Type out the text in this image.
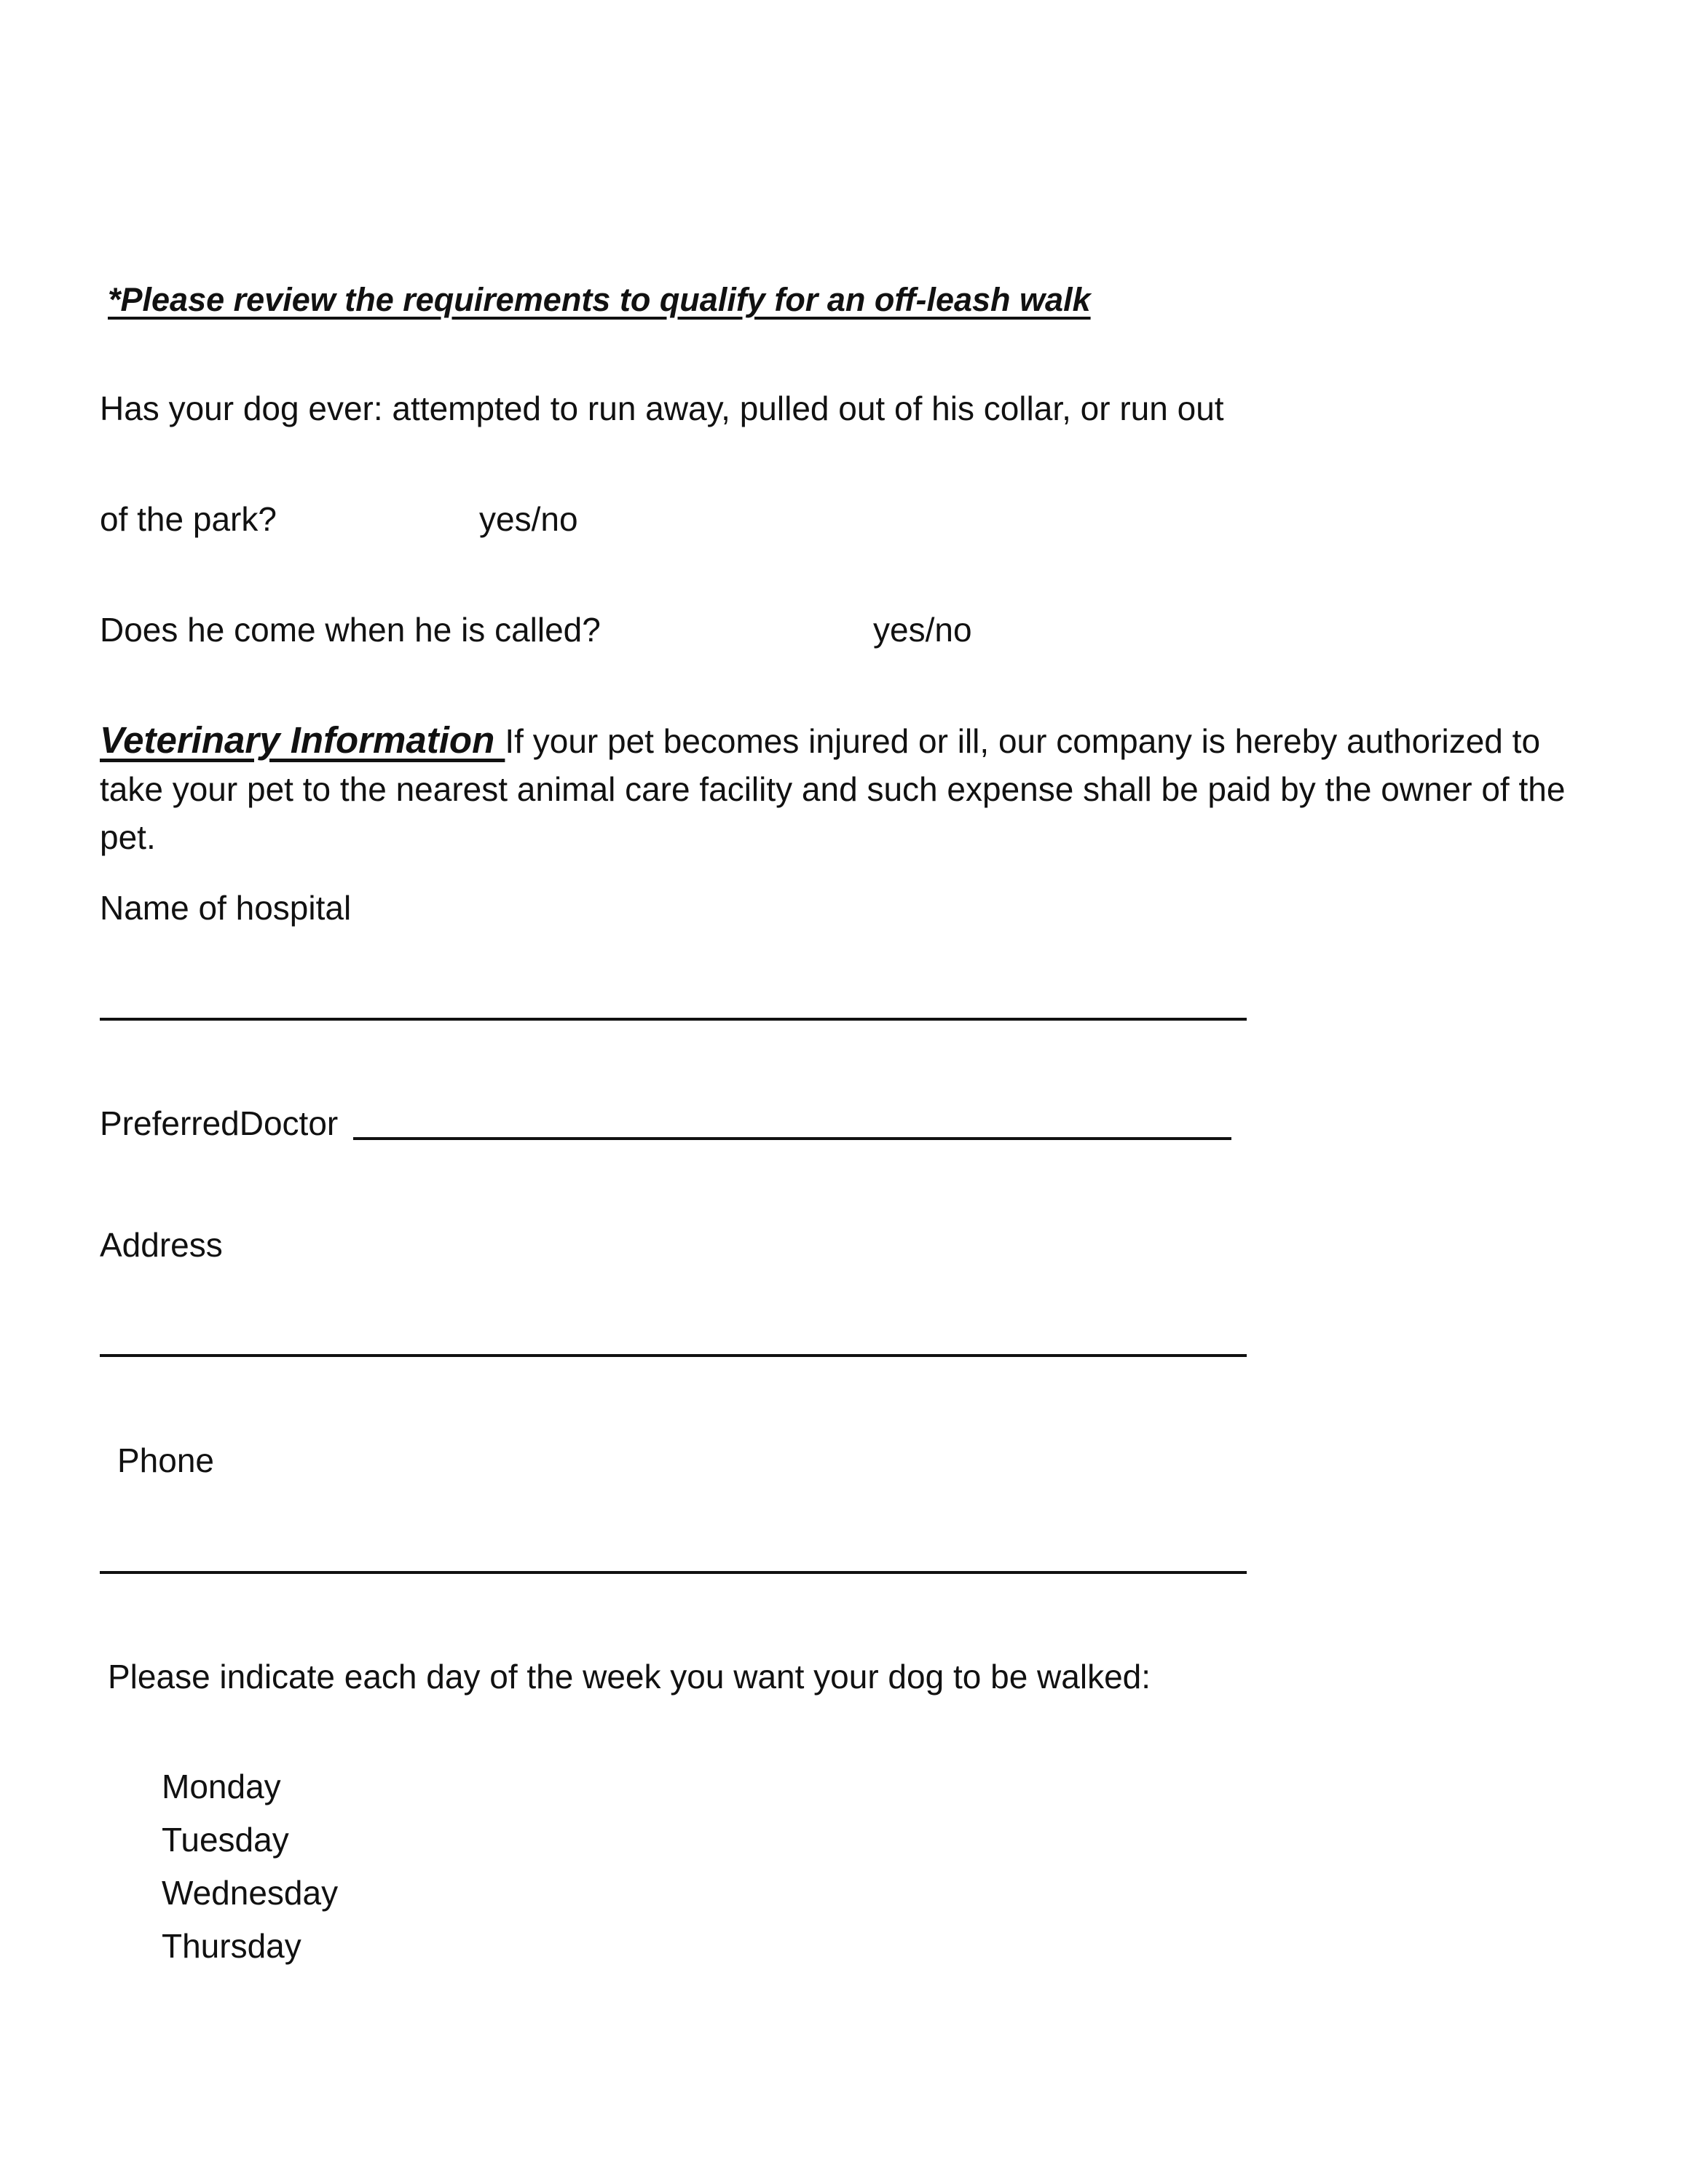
*Please review the requirements to qualify for an off-leash walk
Has your dog ever: attempted to run away, pulled out of his collar, or run out
of the park?	yes/no
Does he come when he is called?	yes/no
Veterinary Information If your pet becomes injured or ill, our company is hereby authorized to take your pet to the nearest animal care facility and such expense shall be paid by the owner of the pet.
Name of hospital
PreferredDoctor
Address
Phone
Please indicate each day of the week you want your dog to be walked:
Monday
Tuesday
Wednesday
Thursday
